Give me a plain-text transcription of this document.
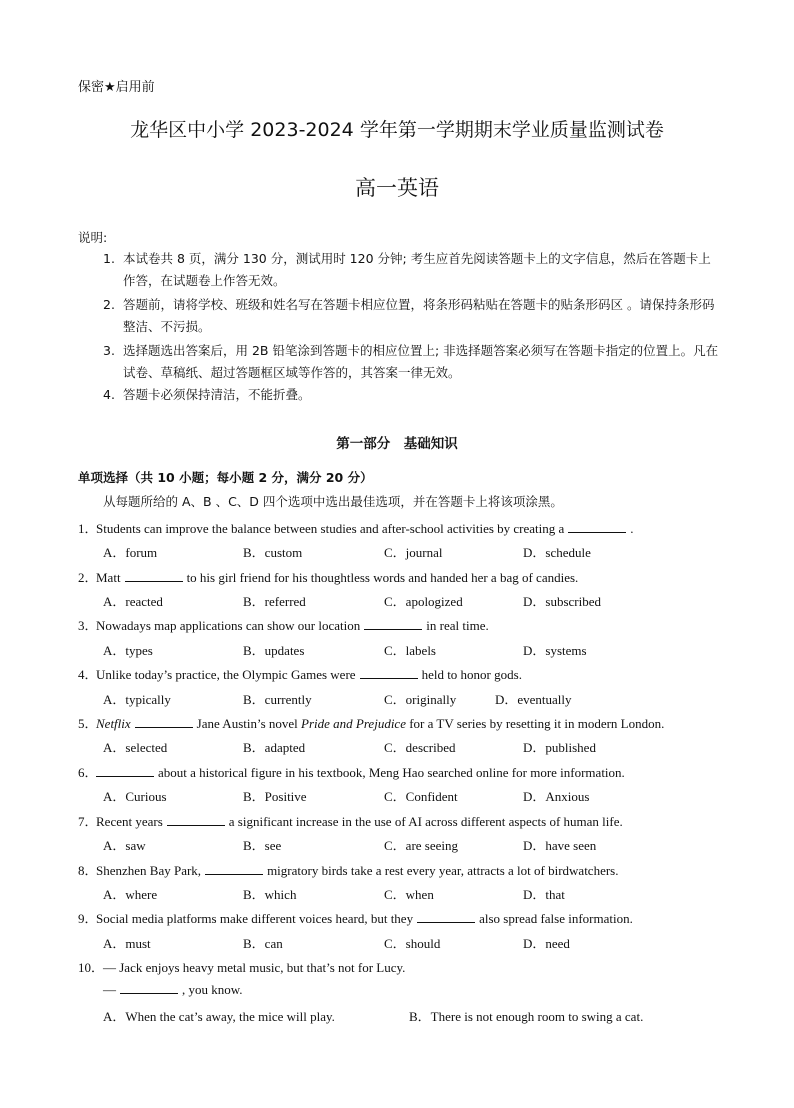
保密★启用前
龙华区中小学 2023-2024 学年第一学期期末学业质量监测试卷
高一英语
说明:
1. 本试卷共 8 页，满分 130 分，测试用时 120 分钟; 考生应首先阅读答题卡上的文字信息，然后在答题卡上作答，在试题卷上作答无效。
2. 答题前，请将学校、班级和姓名写在答题卡相应位置，将条形码粘贴在答题卡的贴条形码区 。请保持条形码整洁、不污损。
3. 选择题选出答案后，用 2B 铅笔涂到答题卡的相应位置上; 非选择题答案必须写在答题卡指定的位置上。凡在试卷、草稿纸、超过答题框区域等作答的，其答案一律无效。
4. 答题卡必须保持清洁，不能折叠。
第一部分　基础知识
单项选择（共 10 小题；每小题 2 分，满分 20 分）
从每题所给的 A、B 、C、D 四个选项中选出最佳选项，并在答题卡上将该项涂黑。
1．Students can improve the balance between studies and after-school activities by creating a	.
A．forum	B．custom	C．journal	D．schedule
2．Matt	to his girl friend for his thoughtless words and handed her a bag of candies.
A．reacted	B．referred	C．apologized	D．subscribed
3．Nowadays map applications can show our location	in real time.
A．types	B．updates	C．labels	D．systems
4．Unlike today’s practice, the Olympic Games were	held to honor gods.
A．typically	B．currently	C．originally	D．eventually
5．Netflix	Jane Austin’s novel Pride and Prejudice for a TV series by resetting it in modern London.
A．selected	B．adapted	C．described	D．published
6．	about a historical figure in his textbook, Meng Hao searched online for more information.
A．Curious	B．Positive	C．Confident	D．Anxious
7．Recent years	a significant increase in the use of AI across different aspects of human life.
A．saw	B．see	C．are seeing	D．have seen
8．Shenzhen Bay Park,	migratory birds take a rest every year, attracts a lot of birdwatchers.
A．where	B．which	C．when	D．that
9．Social media platforms make different voices heard, but they	also spread false information.
A．must	B．can	C．should	D．need
10．— Jack enjoys heavy metal music, but that’s not for Lucy.
—	, you know.
A．When the cat’s away, the mice will play.	B．There is not enough room to swing a cat.
